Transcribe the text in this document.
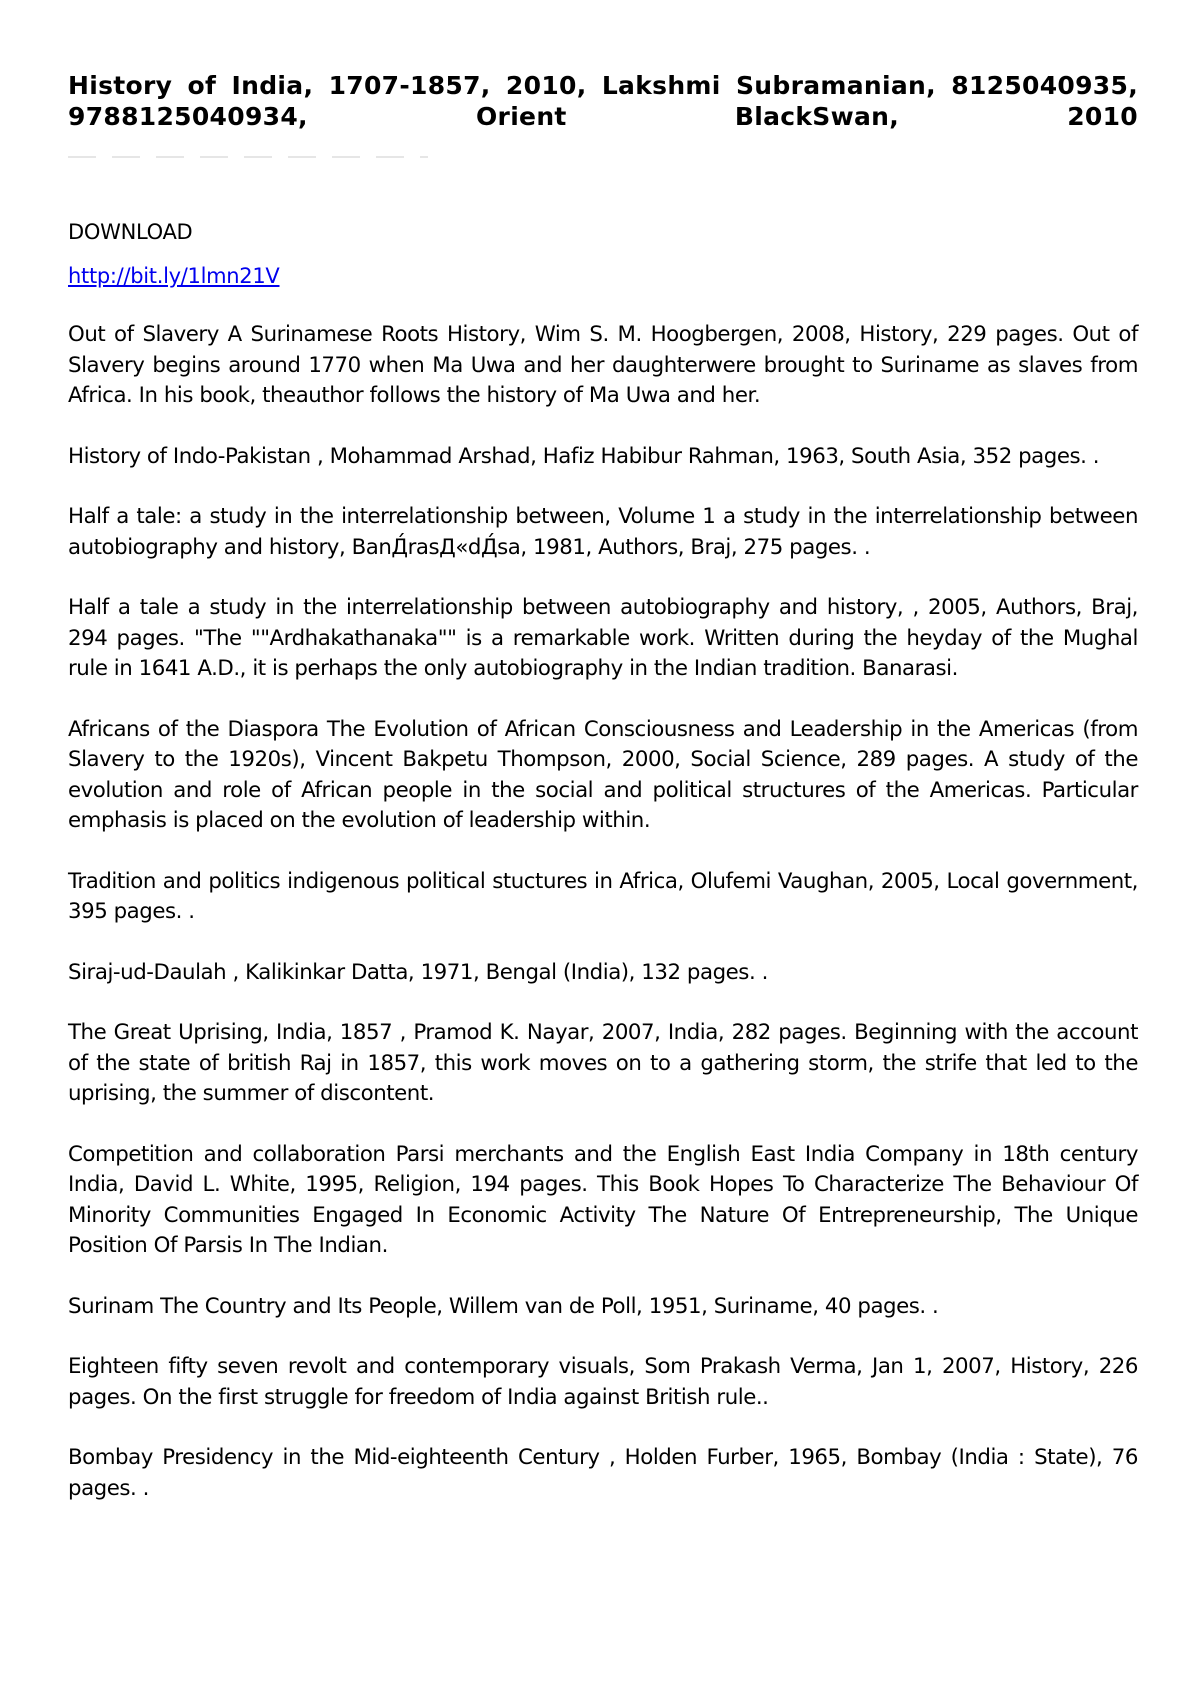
History of India, 1707-1857, 2010, Lakshmi Subramanian, 8125040935,
9788125040934, Orient BlackSwan, 2010
DOWNLOAD
http://bit.ly/1lmn21V

Out of Slavery A Surinamese Roots History, Wim S. M. Hoogbergen, 2008, History, 229 pages. Out of Slavery begins around 1770 when Ma Uwa and her daughterwere brought to Suriname as slaves from Africa. In his book, theauthor follows the history of Ma Uwa and her.

History of Indo-Pakistan , Mohammad Arshad, Hafiz Habibur Rahman, 1963, South Asia, 352 pages. .

Half a tale: a study in the interrelationship between, Volume 1 a study in the interrelationship between autobiography and history, BanД́rasД«dД́sa, 1981, Authors, Braj, 275 pages. .

Half a tale a study in the interrelationship between autobiography and history, , 2005, Authors, Braj, 294 pages. "The ""Ardhakathanaka"" is a remarkable work. Written during the heyday of the Mughal rule in 1641 A.D., it is perhaps the only autobiography in the Indian tradition. Banarasi.

Africans of the Diaspora The Evolution of African Consciousness and Leadership in the Americas (from Slavery to the 1920s), Vincent Bakpetu Thompson, 2000, Social Science, 289 pages. A study of the evolution and role of African people in the social and political structures of the Americas. Particular emphasis is placed on the evolution of leadership within.

Tradition and politics indigenous political stuctures in Africa, Olufemi Vaughan, 2005, Local government, 395 pages. .

Siraj-ud-Daulah , Kalikinkar Datta, 1971, Bengal (India), 132 pages. .

The Great Uprising, India, 1857 , Pramod K. Nayar, 2007, India, 282 pages. Beginning with the account of the state of british Raj in 1857, this work moves on to a gathering storm, the strife that led to the uprising, the summer of discontent.

Competition and collaboration Parsi merchants and the English East India Company in 18th century India, David L. White, 1995, Religion, 194 pages. This Book Hopes To Characterize The Behaviour Of Minority Communities Engaged In Economic Activity The Nature Of Entrepreneurship, The Unique Position Of Parsis In The Indian.

Surinam The Country and Its People, Willem van de Poll, 1951, Suriname, 40 pages. .

Eighteen fifty seven revolt and contemporary visuals, Som Prakash Verma, Jan 1, 2007, History, 226 pages. On the first struggle for freedom of India against British rule..

Bombay Presidency in the Mid-eighteenth Century , Holden Furber, 1965, Bombay (India : State), 76 pages. .
